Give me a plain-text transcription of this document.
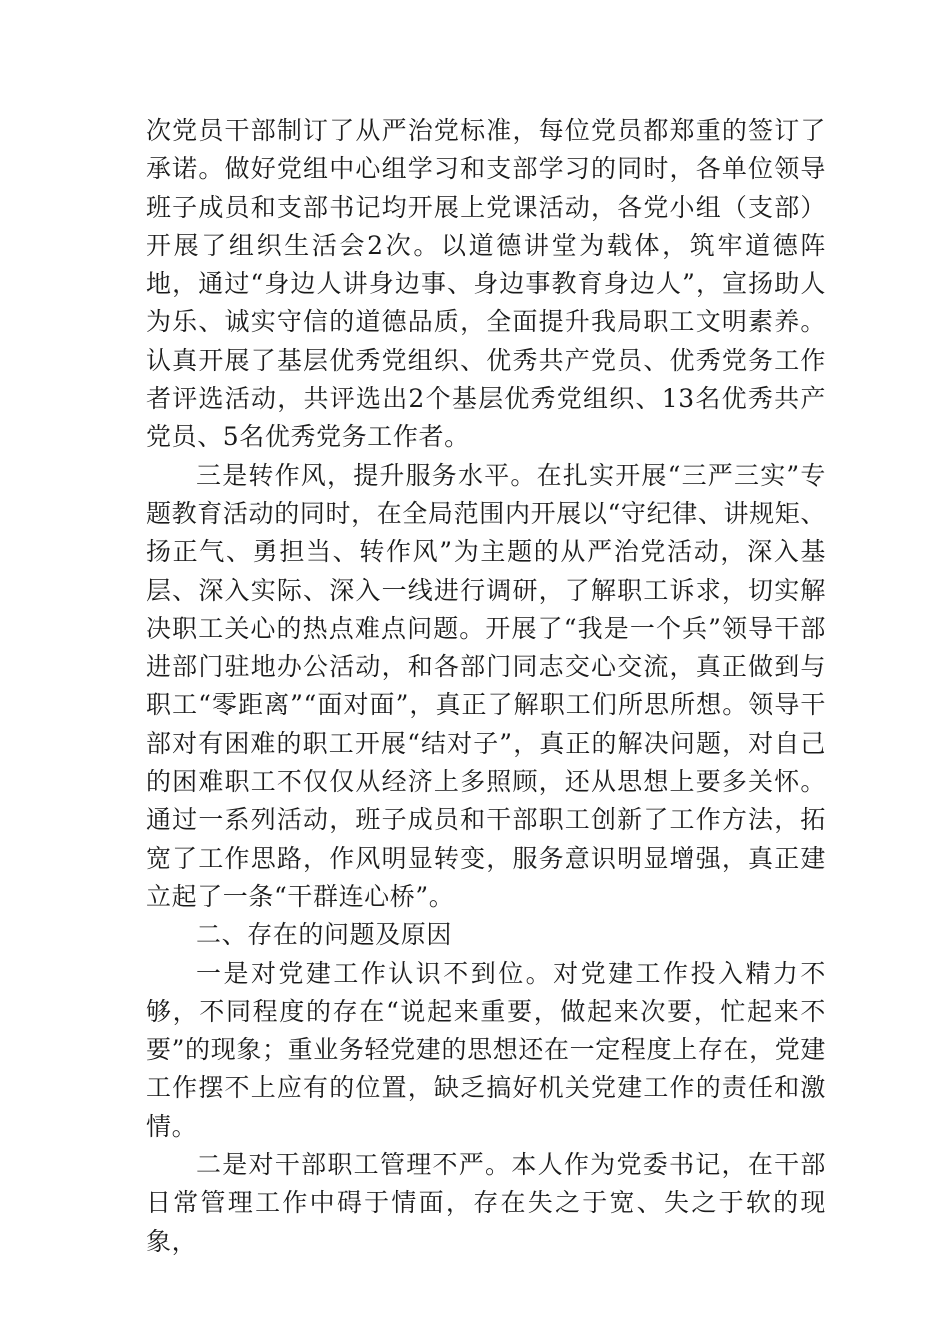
次党员干部制订了从严治党标准，每位党员都郑重的签订了承诺。做好党组中心组学习和支部学习的同时，各单位领导班子成员和支部书记均开展上党课活动，各党小组（支部）开展了组织生活会2次。以道德讲堂为载体，筑牢道德阵地，通过“身边人讲身边事、身边事教育身边人”，宣扬助人为乐、诚实守信的道德品质，全面提升我局职工文明素养。认真开展了基层优秀党组织、优秀共产党员、优秀党务工作者评选活动，共评选出2个基层优秀党组织、13名优秀共产党员、5名优秀党务工作者。

三是转作风，提升服务水平。在扎实开展“三严三实”专题教育活动的同时，在全局范围内开展以“守纪律、讲规矩、扬正气、勇担当、转作风”为主题的从严治党活动，深入基层、深入实际、深入一线进行调研，了解职工诉求，切实解决职工关心的热点难点问题。开展了“我是一个兵”领导干部进部门驻地办公活动，和各部门同志交心交流，真正做到与职工“零距离”“面对面”，真正了解职工们所思所想。领导干部对有困难的职工开展“结对子”，真正的解决问题，对自己的困难职工不仅仅从经济上多照顾，还从思想上要多关怀。通过一系列活动，班子成员和干部职工创新了工作方法，拓宽了工作思路，作风明显转变，服务意识明显增强，真正建立起了一条“干群连心桥”。

二、存在的问题及原因

一是对党建工作认识不到位。对党建工作投入精力不够，不同程度的存在“说起来重要，做起来次要，忙起来不要”的现象；重业务轻党建的思想还在一定程度上存在，党建工作摆不上应有的位置，缺乏搞好机关党建工作的责任和激情。

二是对干部职工管理不严。本人作为党委书记，在干部日常管理工作中碍于情面，存在失之于宽、失之于软的现象，
